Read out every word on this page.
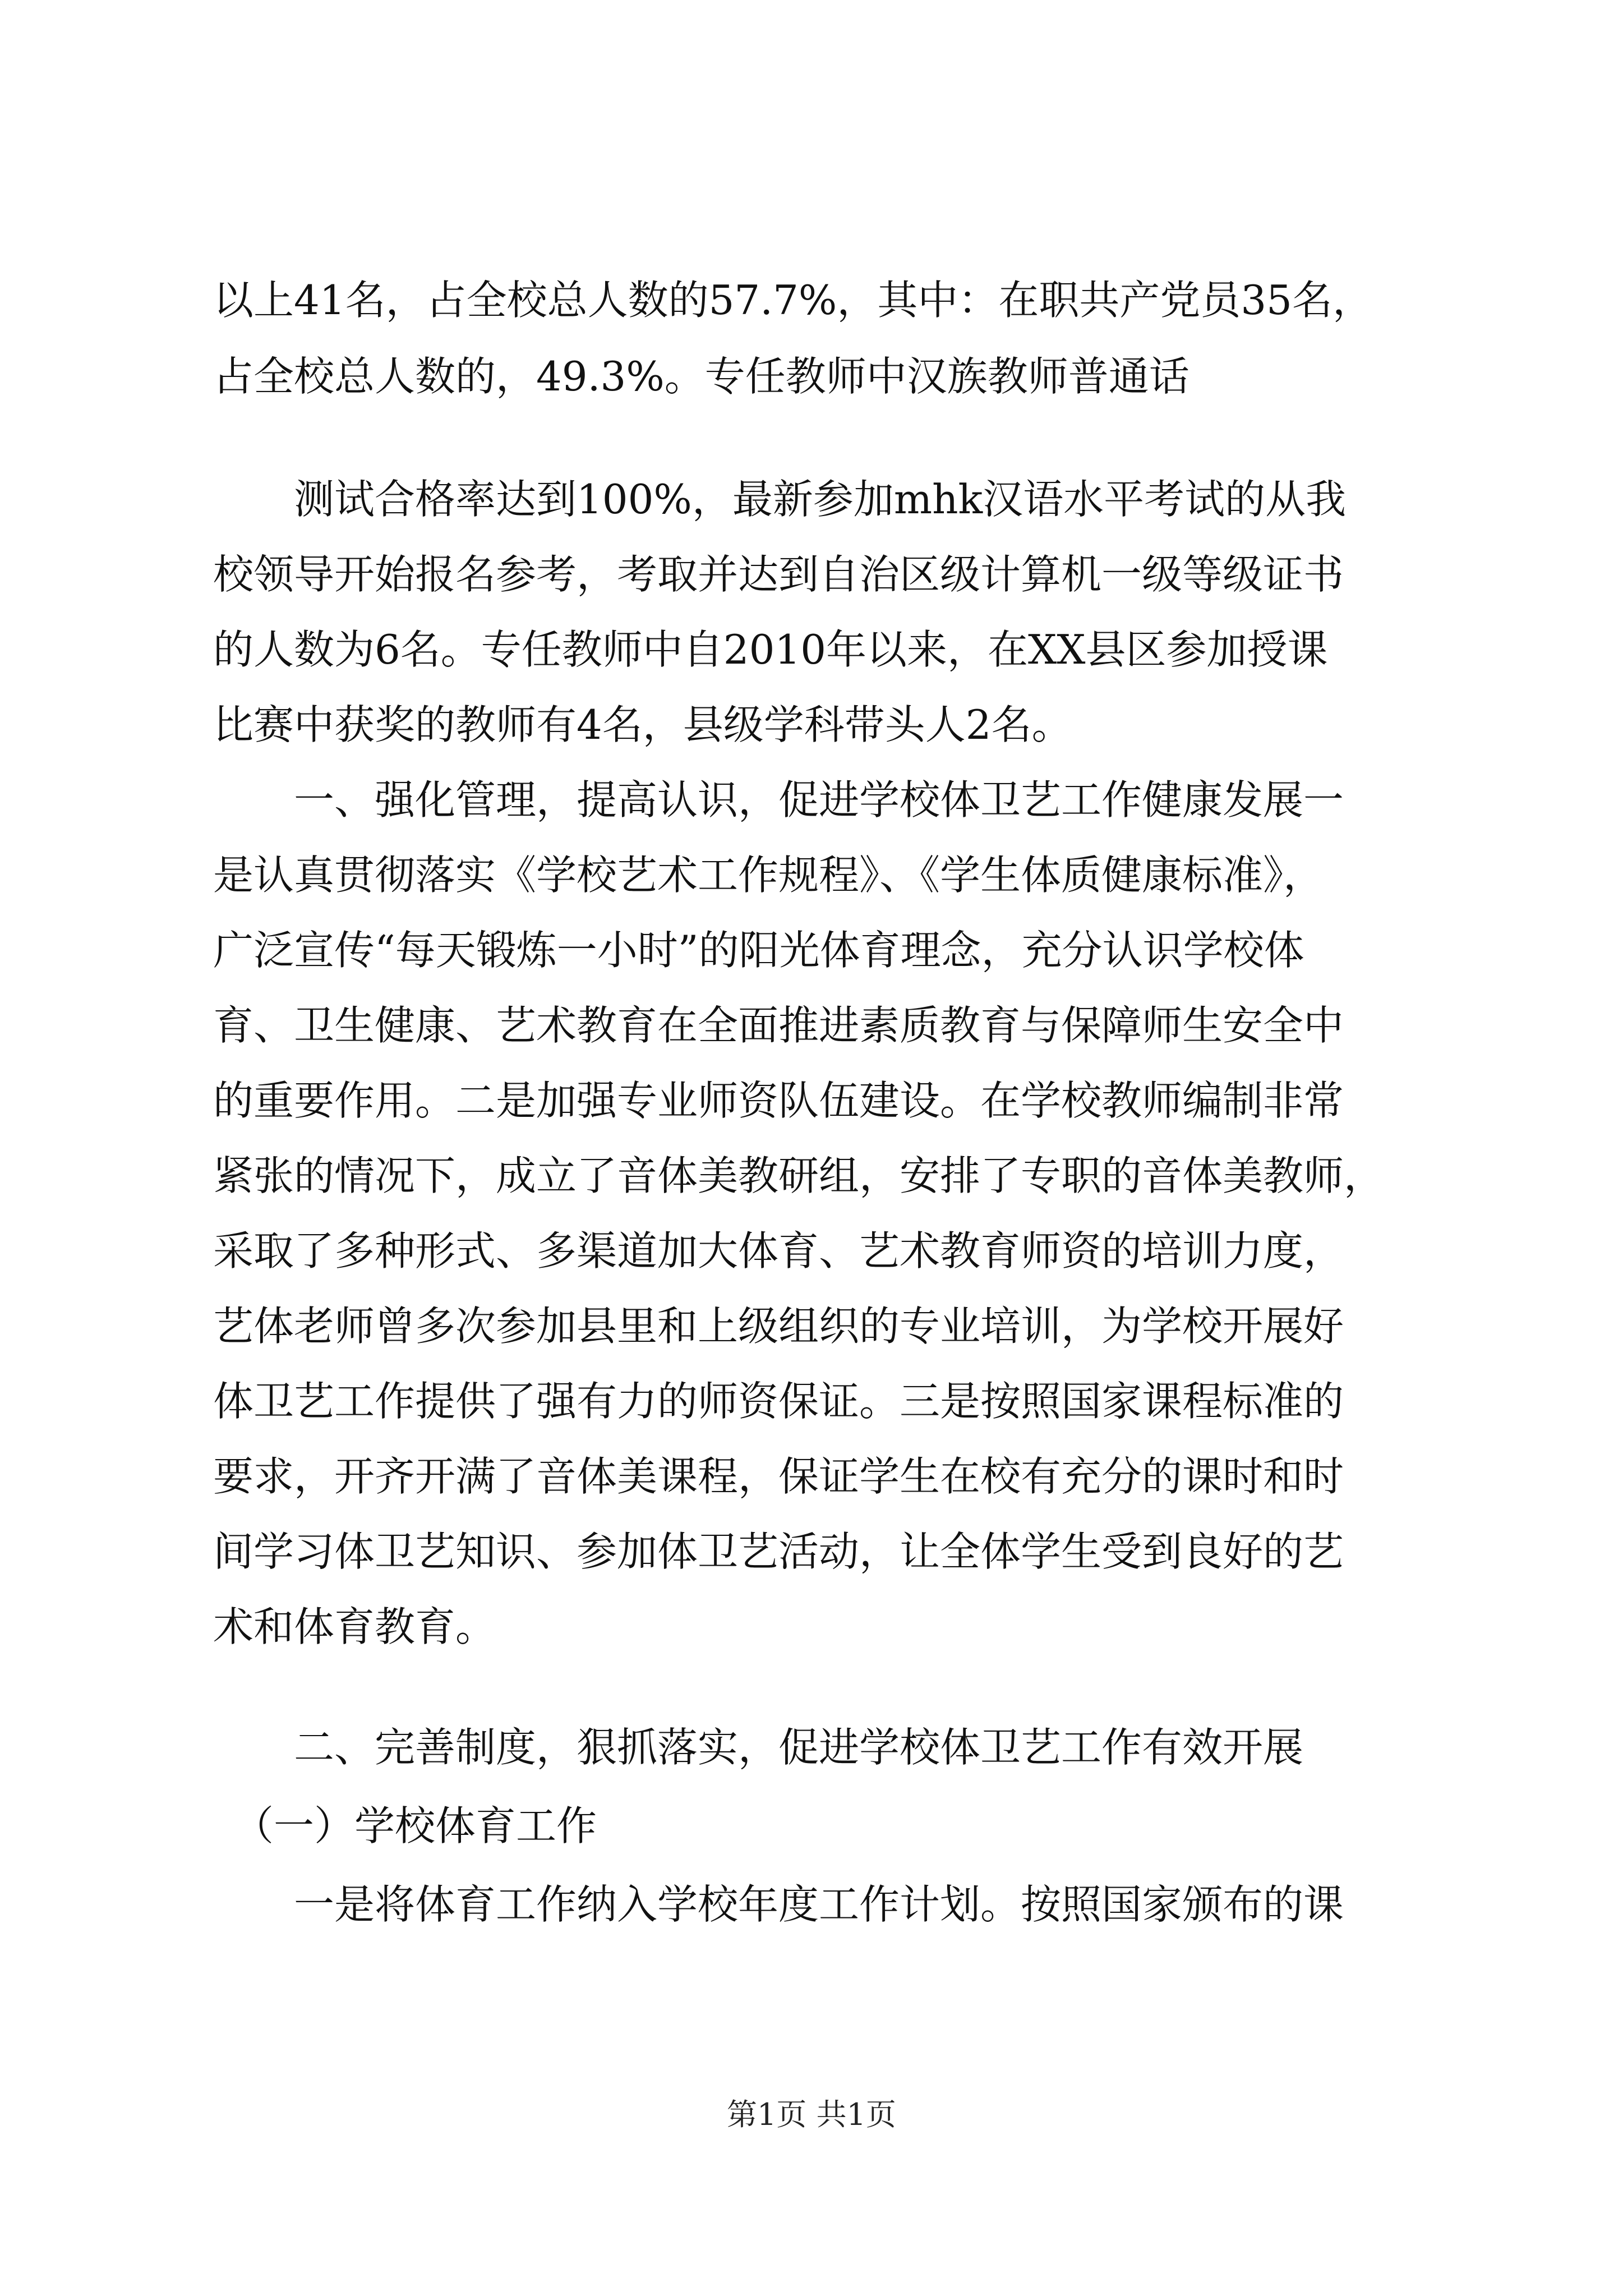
以上41名，占全校总人数的57.7%，其中：在职共产党员35名，
占全校总人数的，49.3%。专任教师中汉族教师普通话
　　测试合格率达到100%，最新参加mhk汉语水平考试的从我
校领导开始报名参考，考取并达到自治区级计算机一级等级证书
的人数为6名。专任教师中自2010年以来，在XX县区参加授课
比赛中获奖的教师有4名，县级学科带头人2名。
　　一、强化管理，提高认识，促进学校体卫艺工作健康发展一
是认真贯彻落实《学校艺术工作规程》、《学生体质健康标准》，
广泛宣传“每天锻炼一小时”的阳光体育理念，充分认识学校体
育、卫生健康、艺术教育在全面推进素质教育与保障师生安全中
的重要作用。二是加强专业师资队伍建设。在学校教师编制非常
紧张的情况下，成立了音体美教研组，安排了专职的音体美教师，
采取了多种形式、多渠道加大体育、艺术教育师资的培训力度，
艺体老师曾多次参加县里和上级组织的专业培训，为学校开展好
体卫艺工作提供了强有力的师资保证。三是按照国家课程标准的
要求，开齐开满了音体美课程，保证学生在校有充分的课时和时
间学习体卫艺知识、参加体卫艺活动，让全体学生受到良好的艺
术和体育教育。
　　二、完善制度，狠抓落实，促进学校体卫艺工作有效开展
　（一）学校体育工作
　　一是将体育工作纳入学校年度工作计划。按照国家颁布的课
第1页 共1页
